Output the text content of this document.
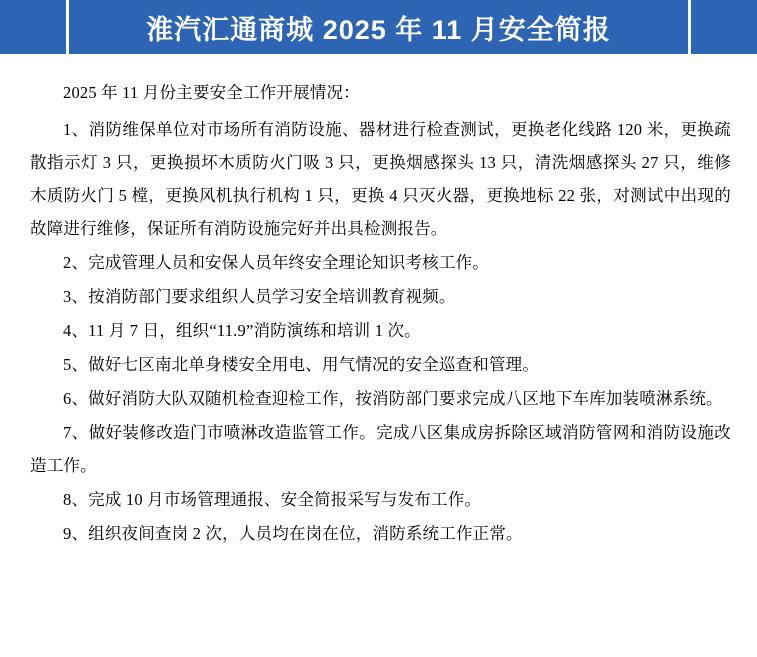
淮汽汇通商城 2025 年 11 月安全简报

2025 年 11 月份主要安全工作开展情况：

1、消防维保单位对市场所有消防设施、器材进行检查测试，更换老化线路 120 米，更换疏散指示灯 3 只，更换损坏木质防火门吸 3 只，更换烟感探头 13 只，清洗烟感探头 27 只，维修木质防火门 5 樘，更换风机执行机构 1 只，更换 4 只灭火器，更换地标 22 张，对测试中出现的故障进行维修，保证所有消防设施完好并出具检测报告。

2、完成管理人员和安保人员年终安全理论知识考核工作。

3、按消防部门要求组织人员学习安全培训教育视频。

4、11 月 7 日，组织“11.9”消防演练和培训 1 次。

5、做好七区南北单身楼安全用电、用气情况的安全巡查和管理。

6、做好消防大队双随机检查迎检工作，按消防部门要求完成八区地下车库加装喷淋系统。

7、做好装修改造门市喷淋改造监管工作。完成八区集成房拆除区域消防管网和消防设施改造工作。

8、完成 10 月市场管理通报、安全简报采写与发布工作。

9、组织夜间查岗 2 次，人员均在岗在位，消防系统工作正常。
